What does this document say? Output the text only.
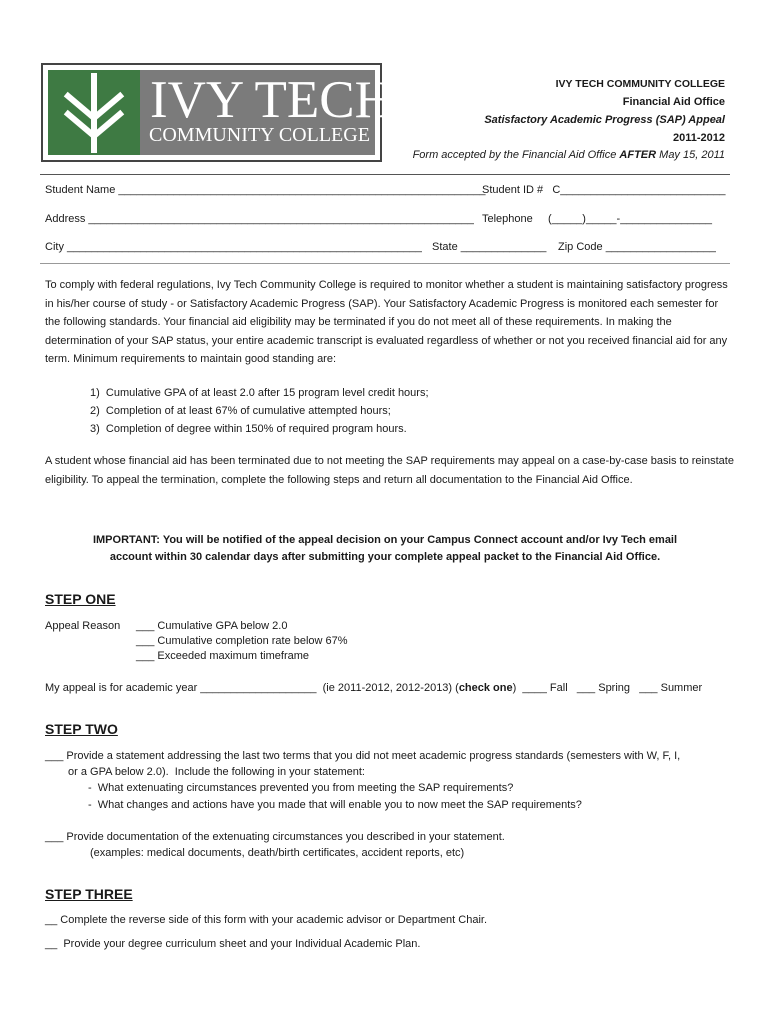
IVY TECH
COMMUNITY COLLEGE
IVY TECH COMMUNITY COLLEGE
Financial Aid Office
Satisfactory Academic Progress (SAP) Appeal
2011-2012
Form accepted by the Financial Aid Office AFTER May 15, 2011
Student Name ____________________________________________________________
Student ID #   C___________________________
Address _______________________________________________________________ Telephone     (_____)_____-_______________
City __________________________________________________________ State ______________ Zip Code __________________
To comply with federal regulations, Ivy Tech Community College is required to monitor whether a student is maintaining satisfactory progress in his/her course of study - or Satisfactory Academic Progress (SAP). Your Satisfactory Academic Progress is monitored each semester for the following standards. Your financial aid eligibility may be terminated if you do not meet all of these requirements. In making the determination of your SAP status, your entire academic transcript is evaluated regardless of whether or not you received financial aid for any term. Minimum requirements to maintain good standing are:
1)  Cumulative GPA of at least 2.0 after 15 program level credit hours;
2)  Completion of at least 67% of cumulative attempted hours;
3)  Completion of degree within 150% of required program hours.
A student whose financial aid has been terminated due to not meeting the SAP requirements may appeal on a case-by-case basis to reinstate eligibility. To appeal the termination, complete the following steps and return all documentation to the Financial Aid Office.
IMPORTANT: You will be notified of the appeal decision on your Campus Connect account and/or Ivy Tech email
account within 30 calendar days after submitting your complete appeal packet to the Financial Aid Office.
STEP ONE
Appeal Reason ___ Cumulative GPA below 2.0
___ Cumulative completion rate below 67%
___ Exceeded maximum timeframe
My appeal is for academic year ___________________  (ie 2011-2012, 2012-2013) (check one)  ____ Fall   ___ Spring   ___ Summer
STEP TWO
___ Provide a statement addressing the last two terms that you did not meet academic progress standards (semesters with W, F, I,
or a GPA below 2.0).  Include the following in your statement:
-  What extenuating circumstances prevented you from meeting the SAP requirements?
-  What changes and actions have you made that will enable you to now meet the SAP requirements?
___ Provide documentation of the extenuating circumstances you described in your statement.
(examples: medical documents, death/birth certificates, accident reports, etc)
STEP THREE
__ Complete the reverse side of this form with your academic advisor or Department Chair.
__  Provide your degree curriculum sheet and your Individual Academic Plan.
